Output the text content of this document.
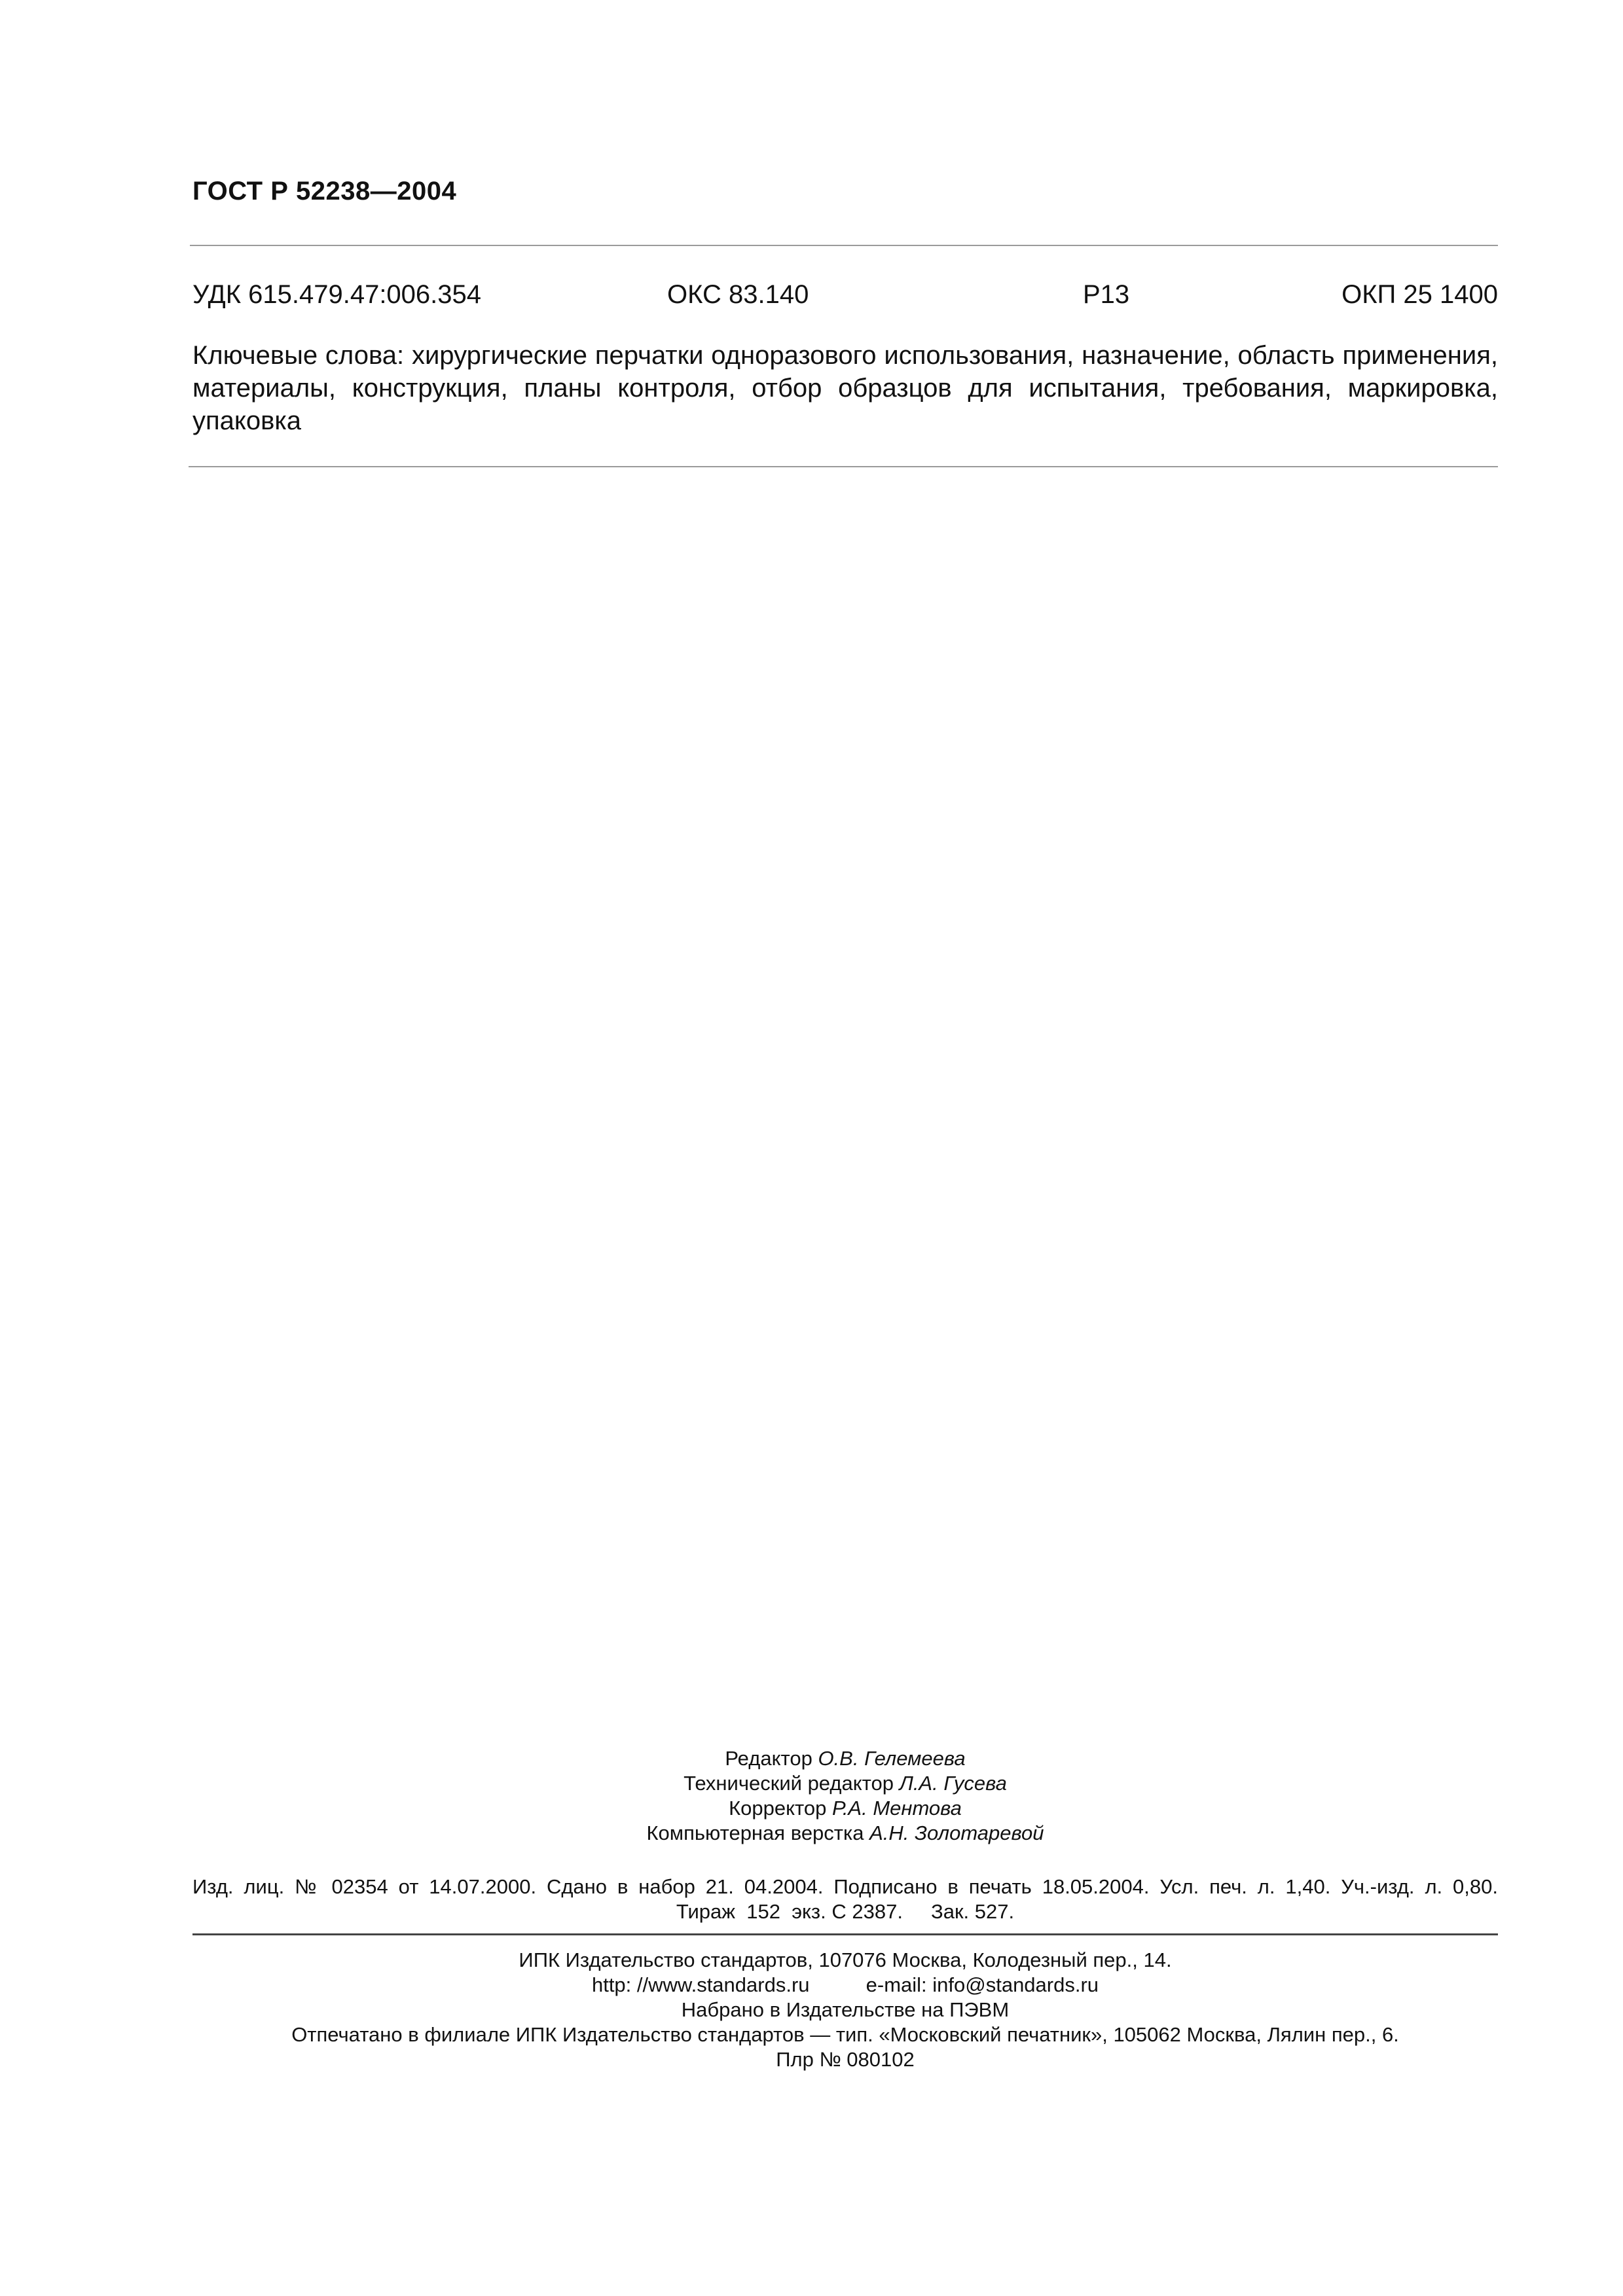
ГОСТ Р 52238—2004
УДК 615.479.47:006.354	ОКС 83.140	Р13	ОКП 25 1400

Ключевые слова: хирургические перчатки одноразового использования, назначение, область применения, материалы, конструкция, планы контроля, отбор образцов для испытания, требования, маркировка, упаковка

Редактор О.В. Гелемеева
Технический редактор Л.А. Гусева
Корректор Р.А. Ментова
Компьютерная верстка А.Н. Золотаревой
Изд. лиц. № 02354 от 14.07.2000. Сдано в набор 21. 04.2004. Подписано в печать 18.05.2004. Усл. печ. л. 1,40. Уч.-изд. л. 0,80.
Тираж  152  экз. С 2387.     Зак. 527.
ИПК Издательство стандартов, 107076 Москва, Колодезный пер., 14.
http: //www.standards.ru          e-mail: info@standards.ru
Набрано в Издательстве на ПЭВМ
Отпечатано в филиале ИПК Издательство стандартов — тип. «Московский печатник», 105062 Москва, Лялин пер., 6.
Плр № 080102
